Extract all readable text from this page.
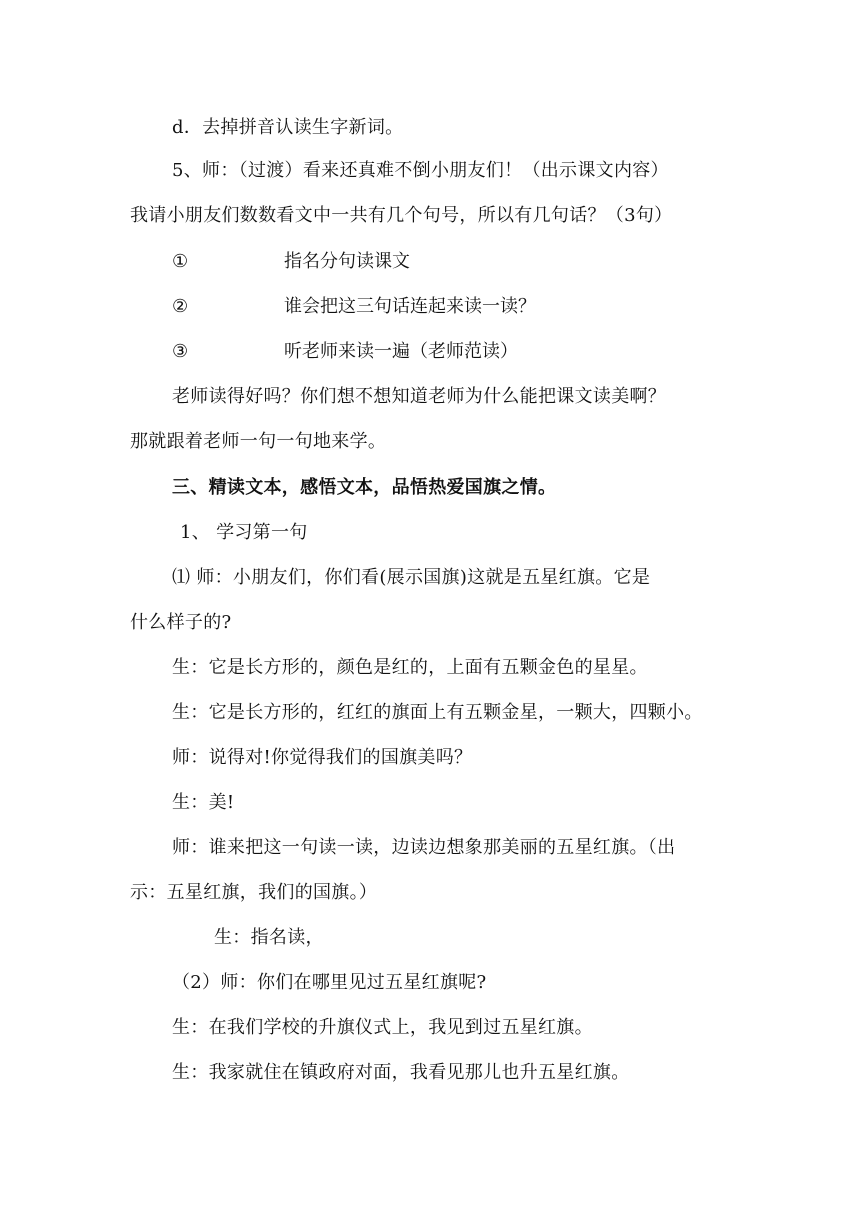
d．去掉拼音认读生字新词。
5、师：（过渡）看来还真难不倒小朋友们！（出示课文内容）
我请小朋友们数数看文中一共有几个句号，所以有几句话？（3句）
①	指名分句读课文
②	谁会把这三句话连起来读一读？
③	听老师来读一遍（老师范读）
老师读得好吗？你们想不想知道老师为什么能把课文读美啊？
那就跟着老师一句一句地来学。
三、精读文本，感悟文本，品悟热爱国旗之情。
1、 学习第一句
⑴ 师：小朋友们，你们看(展示国旗)这就是五星红旗。它是
什么样子的?
生：它是长方形的，颜色是红的，上面有五颗金色的星星。
生：它是长方形的，红红的旗面上有五颗金星，一颗大，四颗小。
师：说得对!你觉得我们的国旗美吗？
生：美!
师：谁来把这一句读一读，边读边想象那美丽的五星红旗。（出
示：五星红旗，我们的国旗。）
生：指名读，
（2）师：你们在哪里见过五星红旗呢?
生：在我们学校的升旗仪式上，我见到过五星红旗。
生：我家就住在镇政府对面，我看见那儿也升五星红旗。
